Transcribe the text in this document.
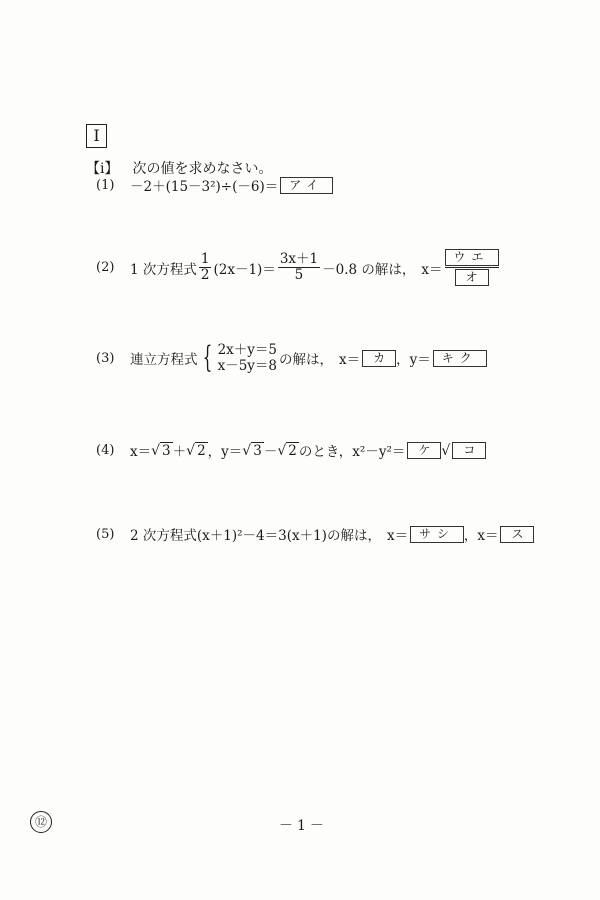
I
【ⅰ】 次の値を求めなさい。
(1)	－2＋(15－3²)÷(－6)＝ アイ
(2)	1 次方程式 $\frac{1}{2} (2x-1)= \frac{3x+1}{5} -0.8$ の解は， $x= \frac{\text{ウエ}}{\text{オ}}$
(3)	連立方程式 { 2x＋y＝5
x－5y＝8 の解は， x＝	カ ， y＝ キク
(4)	x＝ √ 3 ＋ √ 2 ， y＝ √ 3 － √ 2 のとき， x²－y²＝	ケ √	コ
(5)	2 次方程式(x＋1)²－4＝3(x＋1)の解は， x＝ サシ ， x＝	ス
⑫	－1－
